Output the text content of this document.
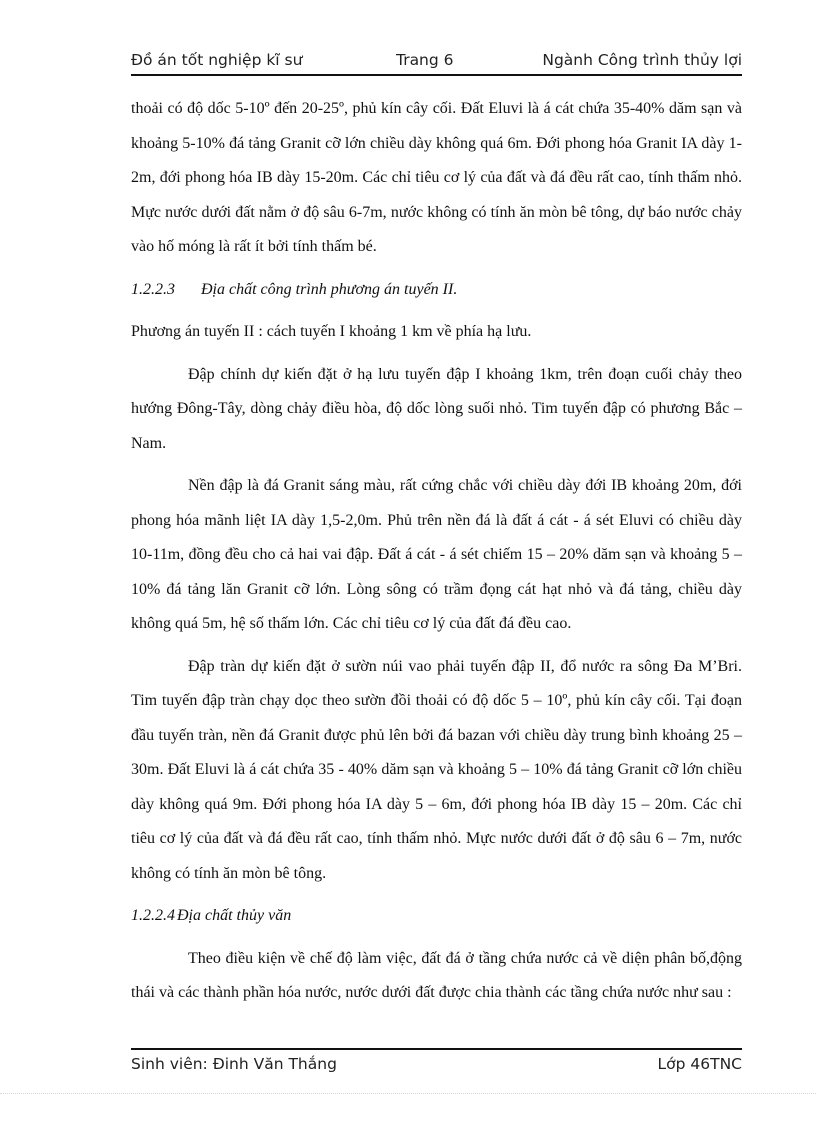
Đồ án tốt nghiệp kĩ sư	Trang 6	Ngành Công trình thủy lợi

thoải có độ dốc 5-10º đến 20-25º, phủ kín cây cối. Đất Eluvi là á cát chứa 35-40% dăm sạn và khoảng 5-10% đá tảng Granit cỡ lớn chiều dày không quá 6m. Đới phong hóa Granit IA dày 1-2m, đới phong hóa IB dày 15-20m. Các chỉ tiêu cơ lý của đất và đá đều rất cao, tính thấm nhỏ. Mực nước dưới đất nằm ở độ sâu 6-7m, nước không có tính ăn mòn bê tông, dự báo nước chảy vào hố móng là rất ít bởi tính thấm bé.

1.2.2.3 Địa chất công trình phương án tuyến II.

Phương án tuyến II : cách tuyến I khoảng 1 km về phía hạ lưu.

Đập chính dự kiến đặt ở hạ lưu tuyến đập I khoảng 1km, trên đoạn cuối chảy theo hướng Đông-Tây, dòng chảy điều hòa, độ dốc lòng suối nhỏ. Tim tuyến đập có phương Bắc – Nam.

Nền đập là đá Granit sáng màu, rất cứng chắc với chiều dày đới IB khoảng 20m, đới phong hóa mãnh liệt IA dày 1,5-2,0m. Phủ trên nền đá là đất á cát - á sét Eluvi có chiều dày 10-11m, đồng đều cho cả hai vai đập. Đất á cát - á sét chiếm 15 – 20% dăm sạn và khoảng 5 – 10% đá tảng lăn Granit cỡ lớn. Lòng sông có trầm đọng cát hạt nhỏ và đá tảng, chiều dày không quá 5m, hệ số thấm lớn. Các chỉ tiêu cơ lý của đất đá đều cao.

Đập tràn dự kiến đặt ở sườn núi vao phải tuyến đập II, đổ nước ra sông Đa M’Bri. Tim tuyến đập tràn chạy dọc theo sườn đồi thoải có độ dốc 5 – 10º, phủ kín cây cối. Tại đoạn đầu tuyến tràn, nền đá Granit được phủ lên bởi đá bazan với chiều dày trung bình khoảng 25 – 30m. Đất Eluvi là á cát chứa 35 - 40% dăm sạn và khoảng 5 – 10% đá tảng Granit cỡ lớn chiều dày không quá 9m. Đới phong hóa IA dày 5 – 6m, đới phong hóa IB dày 15 – 20m. Các chỉ tiêu cơ lý của đất và đá đều rất cao, tính thấm nhỏ. Mực nước dưới đất ở độ sâu 6 – 7m, nước không có tính ăn mòn bê tông.

1.2.2.4 Địa chất thủy văn

Theo điều kiện về chế độ làm việc, đất đá ở tầng chứa nước cả về diện phân bố,động thái và các thành phần hóa nước, nước dưới đất được chia thành các tầng chứa nước như sau :

Sinh viên: Đinh Văn Thắng	Lớp 46TNC
